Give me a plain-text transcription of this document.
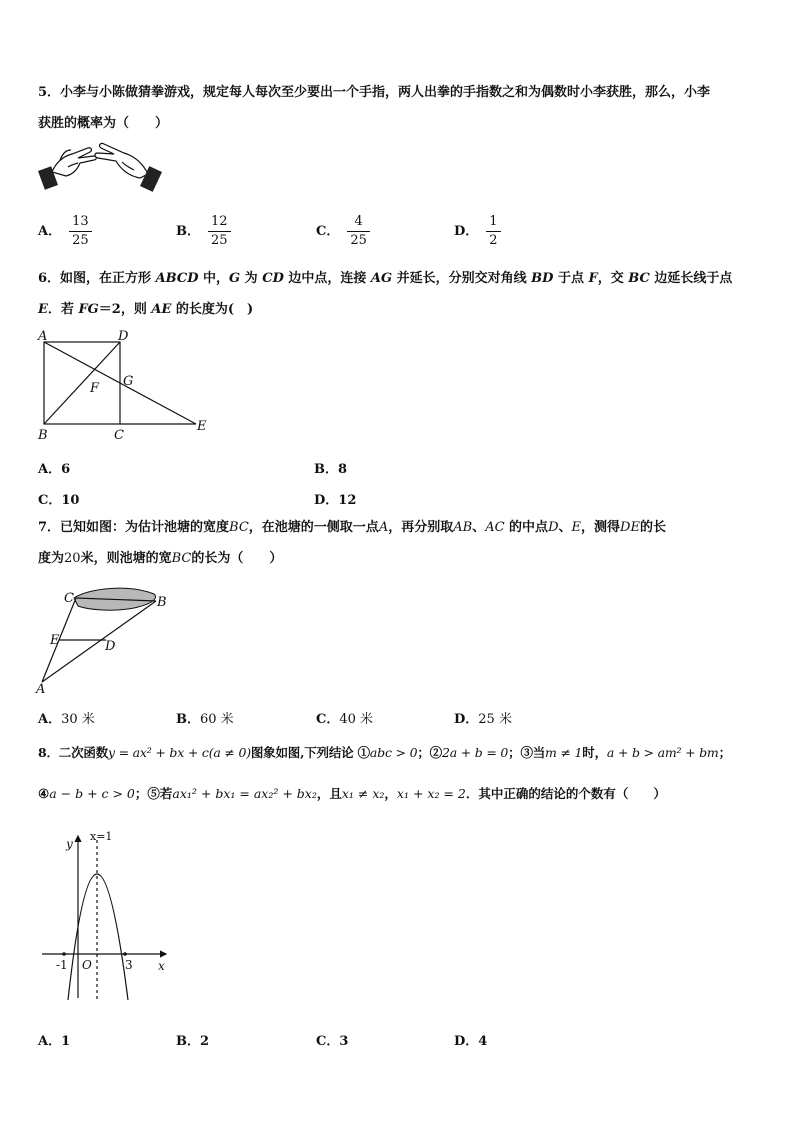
5．小李与小陈做猜拳游戏，规定每人每次至少要出一个手指，两人出拳的手指数之和为偶数时小李获胜，那么，小李
获胜的概率为（　　）
A． $\frac{13}{25}$	B． $\frac{12}{25}$	C． $\frac{4}{25}$	D． $\frac{1}{2}$
6．如图，在正方形 ABCD 中，G 为 CD 边中点，连接 AG 并延长，分别交对角线 BD 于点 F，交 BC 边延长线于点
E．若 FG＝2，则 AE 的长度为(　)
A	D
F G
B	C
E
A．6	B．8
C．10	D．12
7．已知如图：为估计池塘的宽度BC，在池塘的一侧取一点A，再分别取AB、AC 的中点D、E，测得DE的长
度为20米，则池塘的宽BC的长为（　　）
C	B
E	D
A
A．30 米	B．60 米	C．40 米	D．25 米
8．二次函数y = ax² + bx + c(a ≠ 0)图象如图,下列结论 ①abc > 0；②2a + b = 0；③当m ≠ 1时，a + b > am² + bm；
④a − b + c > 0；⑤若ax₁² + bx₁ = ax₂² + bx₂，且x₁ ≠ x₂，x₁ + x₂ = 2．其中正确的结论的个数有（　　）
y
x=1
x
O
-1	3
A．1	B．2	C．3	D．4
